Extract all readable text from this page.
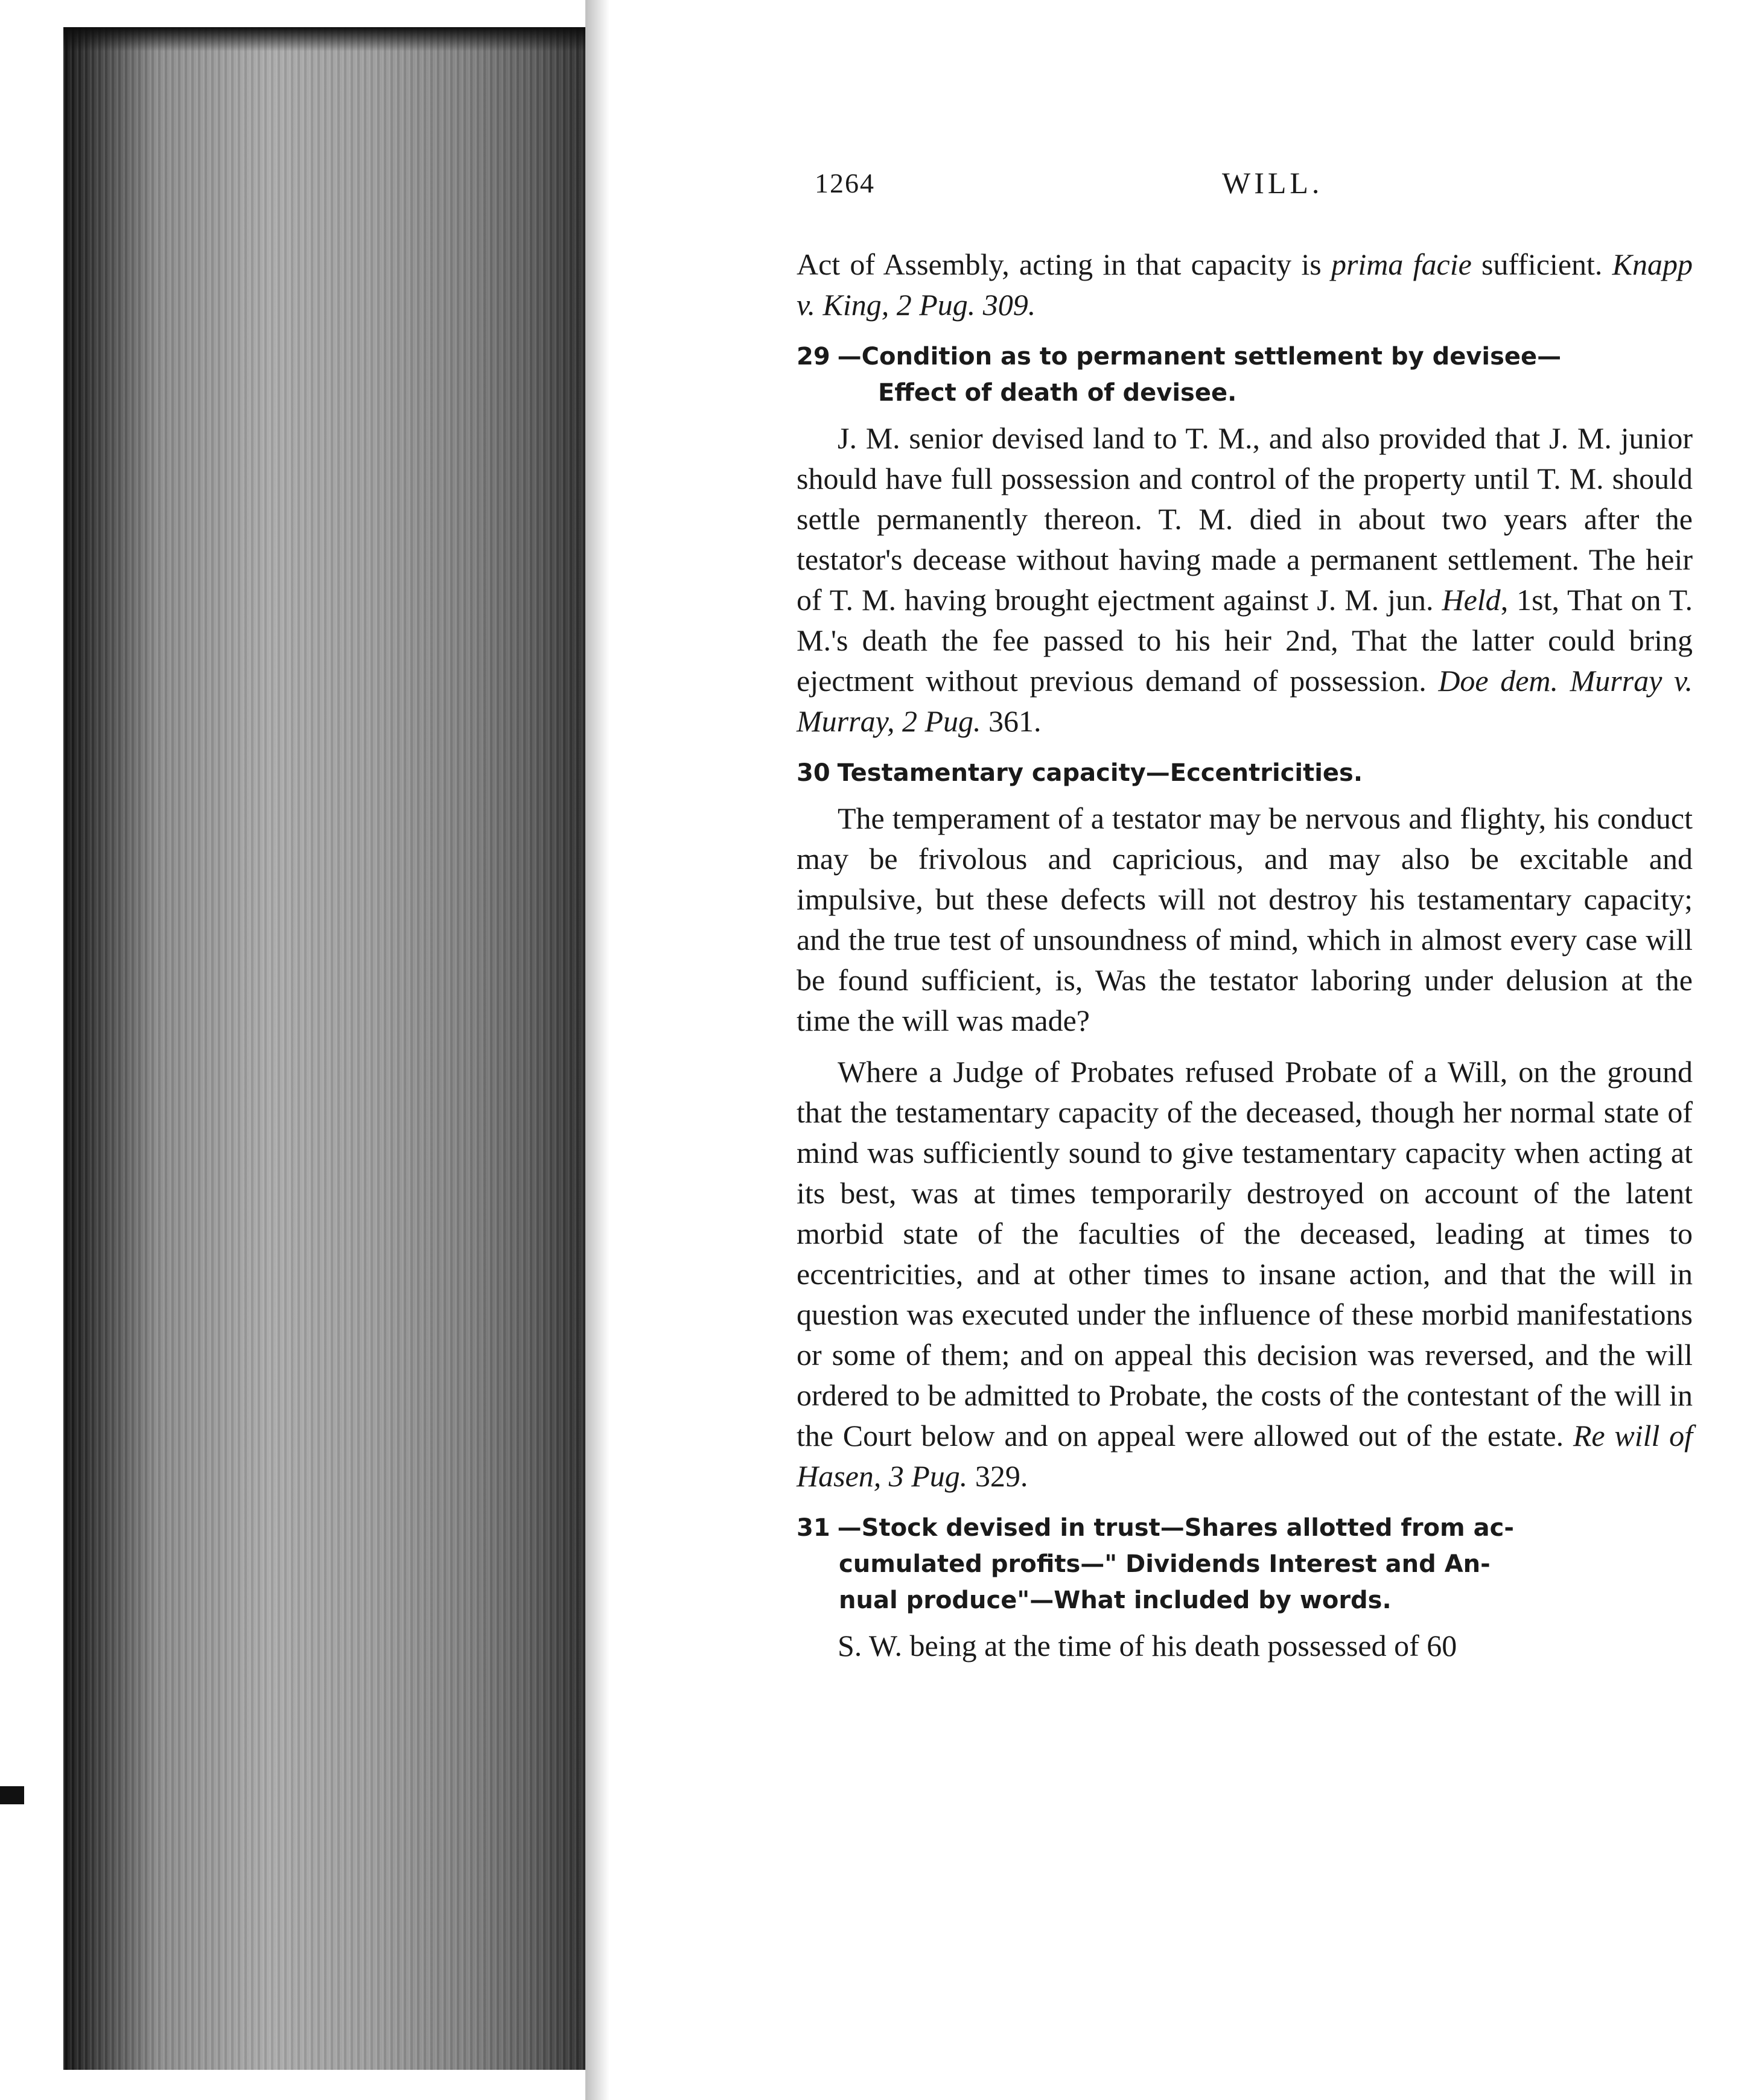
1264	WILL.

Act of Assembly, acting in that capacity is prima facie sufficient. Knapp v. King, 2 Pug. 309.

29 —Condition as to permanent settlement by devisee—
Effect of death of devisee.

J. M. senior devised land to T. M., and also provided that J. M. junior should have full possession and control of the property until T. M. should settle permanently thereon. T. M. died in about two years after the testator's decease without having made a permanent settlement. The heir of T. M. having brought ejectment against J. M. jun. Held, 1st, That on T. M.'s death the fee passed to his heir 2nd, That the latter could bring ejectment without previous demand of possession. Doe dem. Murray v. Murray, 2 Pug. 361.

30 Testamentary capacity—Eccentricities.

The temperament of a testator may be nervous and flighty, his conduct may be frivolous and capricious, and may also be excitable and impulsive, but these defects will not destroy his testamentary capacity; and the true test of unsoundness of mind, which in almost every case will be found sufficient, is, Was the testator laboring under delusion at the time the will was made?

Where a Judge of Probates refused Probate of a Will, on the ground that the testamentary capacity of the deceased, though her normal state of mind was sufficiently sound to give testamentary capacity when acting at its best, was at times temporarily destroyed on account of the latent morbid state of the faculties of the deceased, leading at times to eccentricities, and at other times to insane action, and that the will in question was executed under the influence of these morbid manifestations or some of them; and on appeal this decision was reversed, and the will ordered to be admitted to Probate, the costs of the contestant of the will in the Court below and on appeal were allowed out of the estate. Re will of Hasen, 3 Pug. 329.

31 —Stock devised in trust—Shares allotted from ac-
cumulated profits—" Dividends Interest and An-
nual produce"—What included by words.

S. W. being at the time of his death possessed of 60
